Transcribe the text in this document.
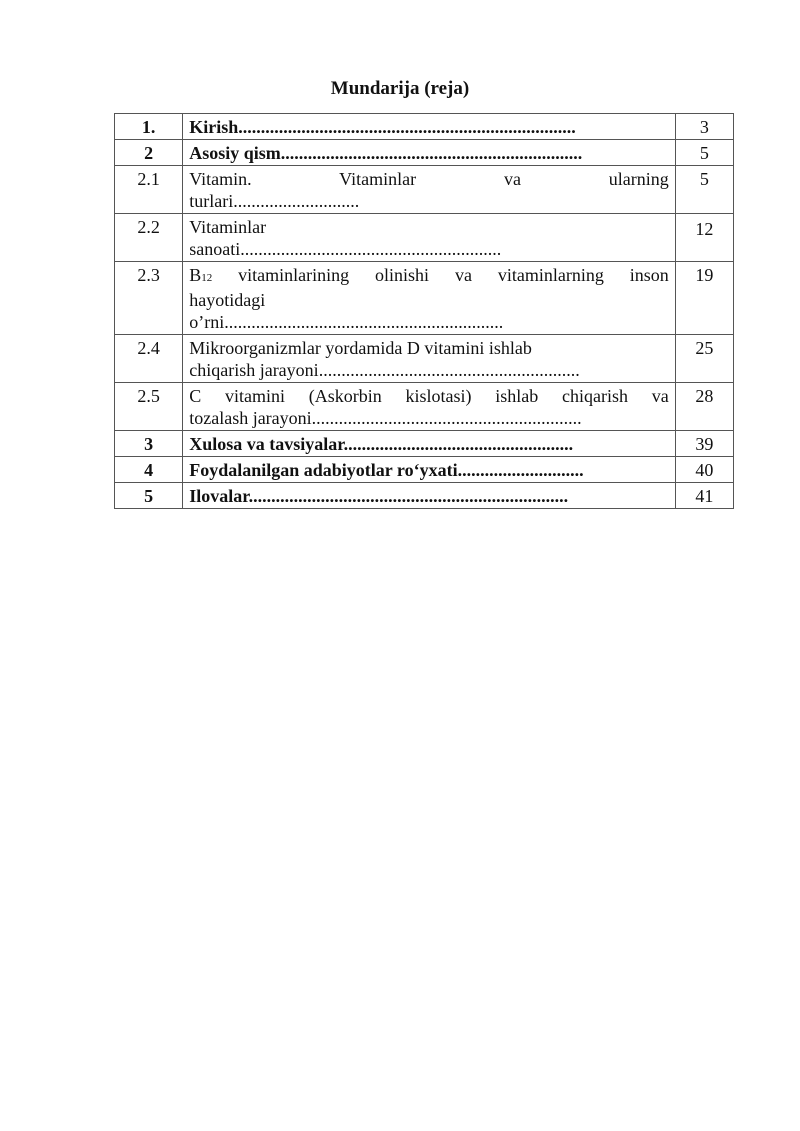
Mundarija (reja)
1.	Kirish...........................................................................	3
2	Asosiy qism...................................................................	5
2.1	Vitamin.        Vitaminlar        va        ularning
turlari............................	5
2.2	Vitaminlar
sanoati..........................................................	12
2.3	B12 vitaminlarining olinishi va vitaminlarning inson
hayotidagi
o’rni..............................................................	19
2.4	Mikroorganizmlar yordamida D vitamini ishlab
chiqarish jarayoni..........................................................	25
2.5	C vitamini (Askorbin kislotasi) ishlab chiqarish va
tozalash jarayoni............................................................	28
3	Xulosa va tavsiyalar...................................................	39
4	Foydalanilgan adabiyotlar ro‘yxati............................	40
5	Ilovalar.......................................................................	41
